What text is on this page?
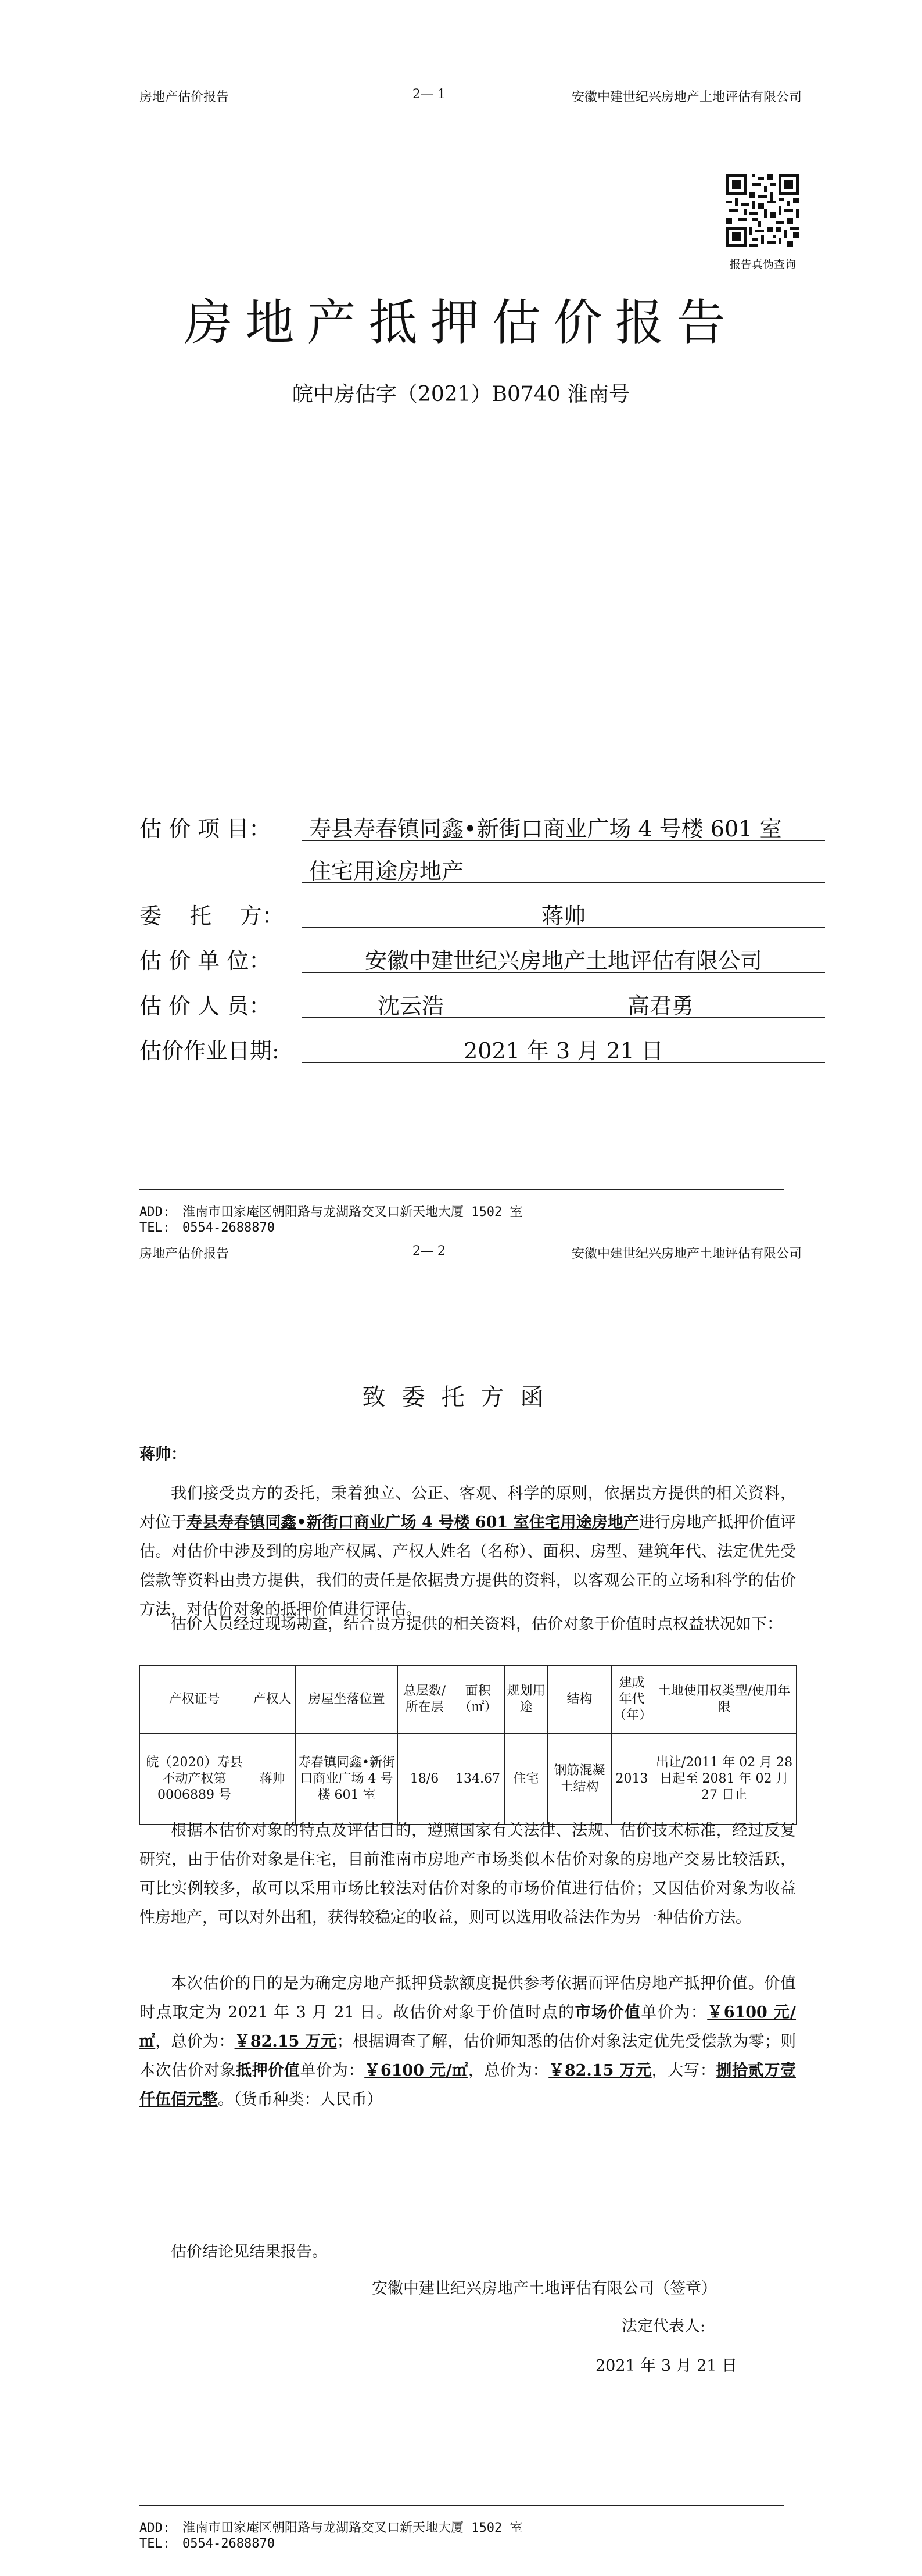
房地产估价报告	2— 1	安徽中建世纪兴房地产土地评估有限公司
报告真伪查询
房地产抵押估价报告
皖中房估字（2021）B0740 淮南号
估 价 项 目：	寿县寿春镇同鑫•新街口商业广场 4 号楼 601 室
住宅用途房地产
委    托    方：	蒋帅
估 价 单 位：	安徽中建世纪兴房地产土地评估有限公司
估 价 人 员：	沈云浩	高君勇
估价作业日期:	2021 年 3 月 21 日
ADD: 淮南市田家庵区朝阳路与龙湖路交叉口新天地大厦 1502 室
TEL: 0554-2688870
房地产估价报告	2— 2	安徽中建世纪兴房地产土地评估有限公司
致委托方函
蒋帅：
我们接受贵方的委托，秉着独立、公正、客观、科学的原则，依据贵方提供的相关资料，对位于寿县寿春镇同鑫•新街口商业广场 4 号楼 601 室住宅用途房地产进行房地产抵押价值评估。对估价中涉及到的房地产权属、产权人姓名（名称）、面积、房型、建筑年代、法定优先受偿款等资料由贵方提供，我们的责任是依据贵方提供的资料，以客观公正的立场和科学的估价方法，对估价对象的抵押价值进行评估。
估价人员经过现场勘查，结合贵方提供的相关资料，估价对象于价值时点权益状况如下：
产权证号	产权人	房屋坐落位置	总层数/所在层	面积（㎡）	规划用途	结构	建成年代（年）	土地使用权类型/使用年限
皖（2020）寿县不动产权第 0006889 号	蒋帅	寿春镇同鑫•新街口商业广场 4 号楼 601 室	18/6	134.67	住宅	钢筋混凝土结构	2013	出让/2011 年 02 月 28 日起至 2081 年 02 月 27 日止
根据本估价对象的特点及评估目的，遵照国家有关法律、法规、估价技术标准，经过反复研究，由于估价对象是住宅，目前淮南市房地产市场类似本估价对象的房地产交易比较活跃，可比实例较多，故可以采用市场比较法对估价对象的市场价值进行估价；又因估价对象为收益性房地产，可以对外出租，获得较稳定的收益，则可以选用收益法作为另一种估价方法。
本次估价的目的是为确定房地产抵押贷款额度提供参考依据而评估房地产抵押价值。价值时点取定为 2021 年 3 月 21 日。故估价对象于价值时点的市场价值单价为：￥6100 元/㎡，总价为：￥82.15 万元；根据调查了解，估价师知悉的估价对象法定优先受偿款为零；则本次估价对象抵押价值单价为：￥6100 元/㎡，总价为：￥82.15 万元，大写：捌拾贰万壹仟伍佰元整。（货币种类：人民币）
估价结论见结果报告。
安徽中建世纪兴房地产土地评估有限公司（签章）
法定代表人:
2021 年 3 月 21 日
ADD: 淮南市田家庵区朝阳路与龙湖路交叉口新天地大厦 1502 室
TEL: 0554-2688870
